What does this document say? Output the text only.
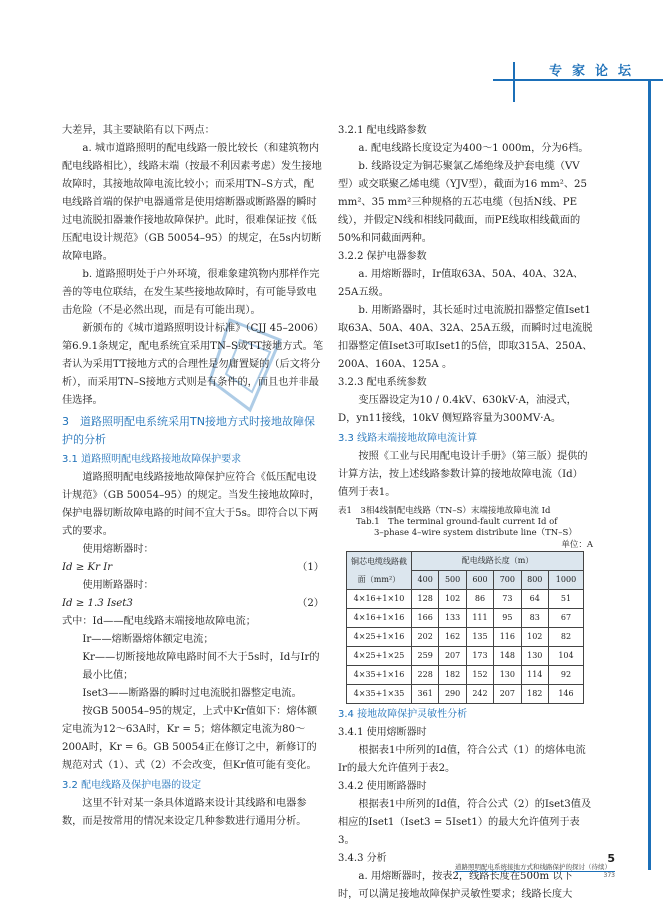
专家论坛

大差异，其主要缺陷有以下两点：

a. 城市道路照明的配电线路一般比较长（和建筑物内配电线路相比），线路末端（按最不利因素考虑）发生接地故障时，其接地故障电流比较小；而采用TN–S方式，配电线路首端的保护电器通常是使用熔断器或断路器的瞬时过电流脱扣器兼作接地故障保护。此时，很难保证按《低压配电设计规范》（GB 50054–95）的规定，在5s内切断故障电路。

b. 道路照明处于户外环境，很难象建筑物内那样作完善的等电位联结，在发生某些接地故障时，有可能导致电击危险（不是必然出现，而是有可能出现）。

新颁布的《城市道路照明设计标准》（CJJ 45–2006）第6.9.1条规定，配电系统宜采用TN–S或TT接地方式。笔者认为采用TT接地方式的合理性是勿庸置疑的（后文将分析），而采用TN–S接地方式则是有条件的，而且也并非最佳选择。

3　道路照明配电系统采用TN接地方式时接地故障保护的分析

3.1 道路照明配电线路接地故障保护要求

道路照明配电线路接地故障保护应符合《低压配电设计规范》（GB 50054–95）的规定。当发生接地故障时，保护电器切断故障电路的时间不宜大于5s。即符合以下两式的要求。

使用熔断器时：

Id ≥ Kr Ir	（1）

使用断路器时：

Id ≥ 1.3 Iset3	（2）

式中：Id——配电线路末端接地故障电流；

Ir——熔断器熔体额定电流；

Kr——切断接地故障电路时间不大于5s时，Id与Ir的最小比值；

Iset3——断路器的瞬时过电流脱扣器整定电流。

按GB 50054–95的规定，上式中Kr值如下：熔体额定电流为12～63A时，Kr = 5；熔体额定电流为80～200A时，Kr = 6。GB 50054正在修订之中，新修订的规范对式（1）、式（2）不会改变，但Kr值可能有变化。

3.2 配电线路及保护电器的设定

这里不针对某一条具体道路来设计其线路和电器参数，而是按常用的情况来设定几种参数进行通用分析。

3.2.1 配电线路参数

a. 配电线路长度设定为400～1 000m，分为6档。

b. 线路设定为铜芯聚氯乙烯绝缘及护套电缆（VV型）或交联聚乙烯电缆（YJV型），截面为16 mm²、25 mm²、35 mm²三种规格的五芯电缆（包括N线、PE线），并假定N线和相线同截面，而PE线取相线截面的50%和同截面两种。

3.2.2 保护电器参数

a. 用熔断器时，Ir值取63A、50A、40A、32A、25A五级。

b. 用断路器时，其长延时过电流脱扣器整定值Iset1取63A、50A、40A、32A、25A五级，而瞬时过电流脱扣器整定值Iset3可取Iset1的5倍，即取315A、250A、200A、160A、125A 。

3.2.3 配电系统参数

变压器设定为10 / 0.4kV、630kV·A，油浸式，D，yn11接线，10kV 侧短路容量为300MV·A。

3.3 线路末端接地故障电流计算

按照《工业与民用配电设计手册》（第三版）提供的计算方法，按上述线路参数计算的接地故障电流（Id）值列于表1。

表1　3相4线制配电线路（TN–S）末端接地故障电流 Id

Tab.1　The terminal ground-fault current Id of

3–phase 4–wire system distribute line（TN–S）

单位：A

铜芯电缆线路截面（mm²）	配电线路长度（m）					
	400	500	600	700	800	1000
4×16+1×10	128	102	86	73	64	51
4×16+1×16	166	133	111	95	83	67
4×25+1×16	202	162	135	116	102	82
4×25+1×25	259	207	173	148	130	104
4×35+1×16	228	182	152	130	114	92
4×35+1×35	361	290	242	207	182	146

3.4 接地故障保护灵敏性分析

3.4.1 使用熔断器时

根据表1中所列的Id值，符合公式（1）的熔体电流Ir的最大允许值列于表2。

3.4.2 使用断路器时

根据表1中所列的Id值，符合公式（2）的Iset3值及相应的Iset1（Iset3 = 5Iset1）的最大允许值列于表3。

3.4.3 分析

a. 用熔断器时，按表2，线路长度在500m 以下时，可以满足接地故障保护灵敏性要求；线路长度大

5
道路照明配电系统接地方式和线路保护的探讨（待续）
373
